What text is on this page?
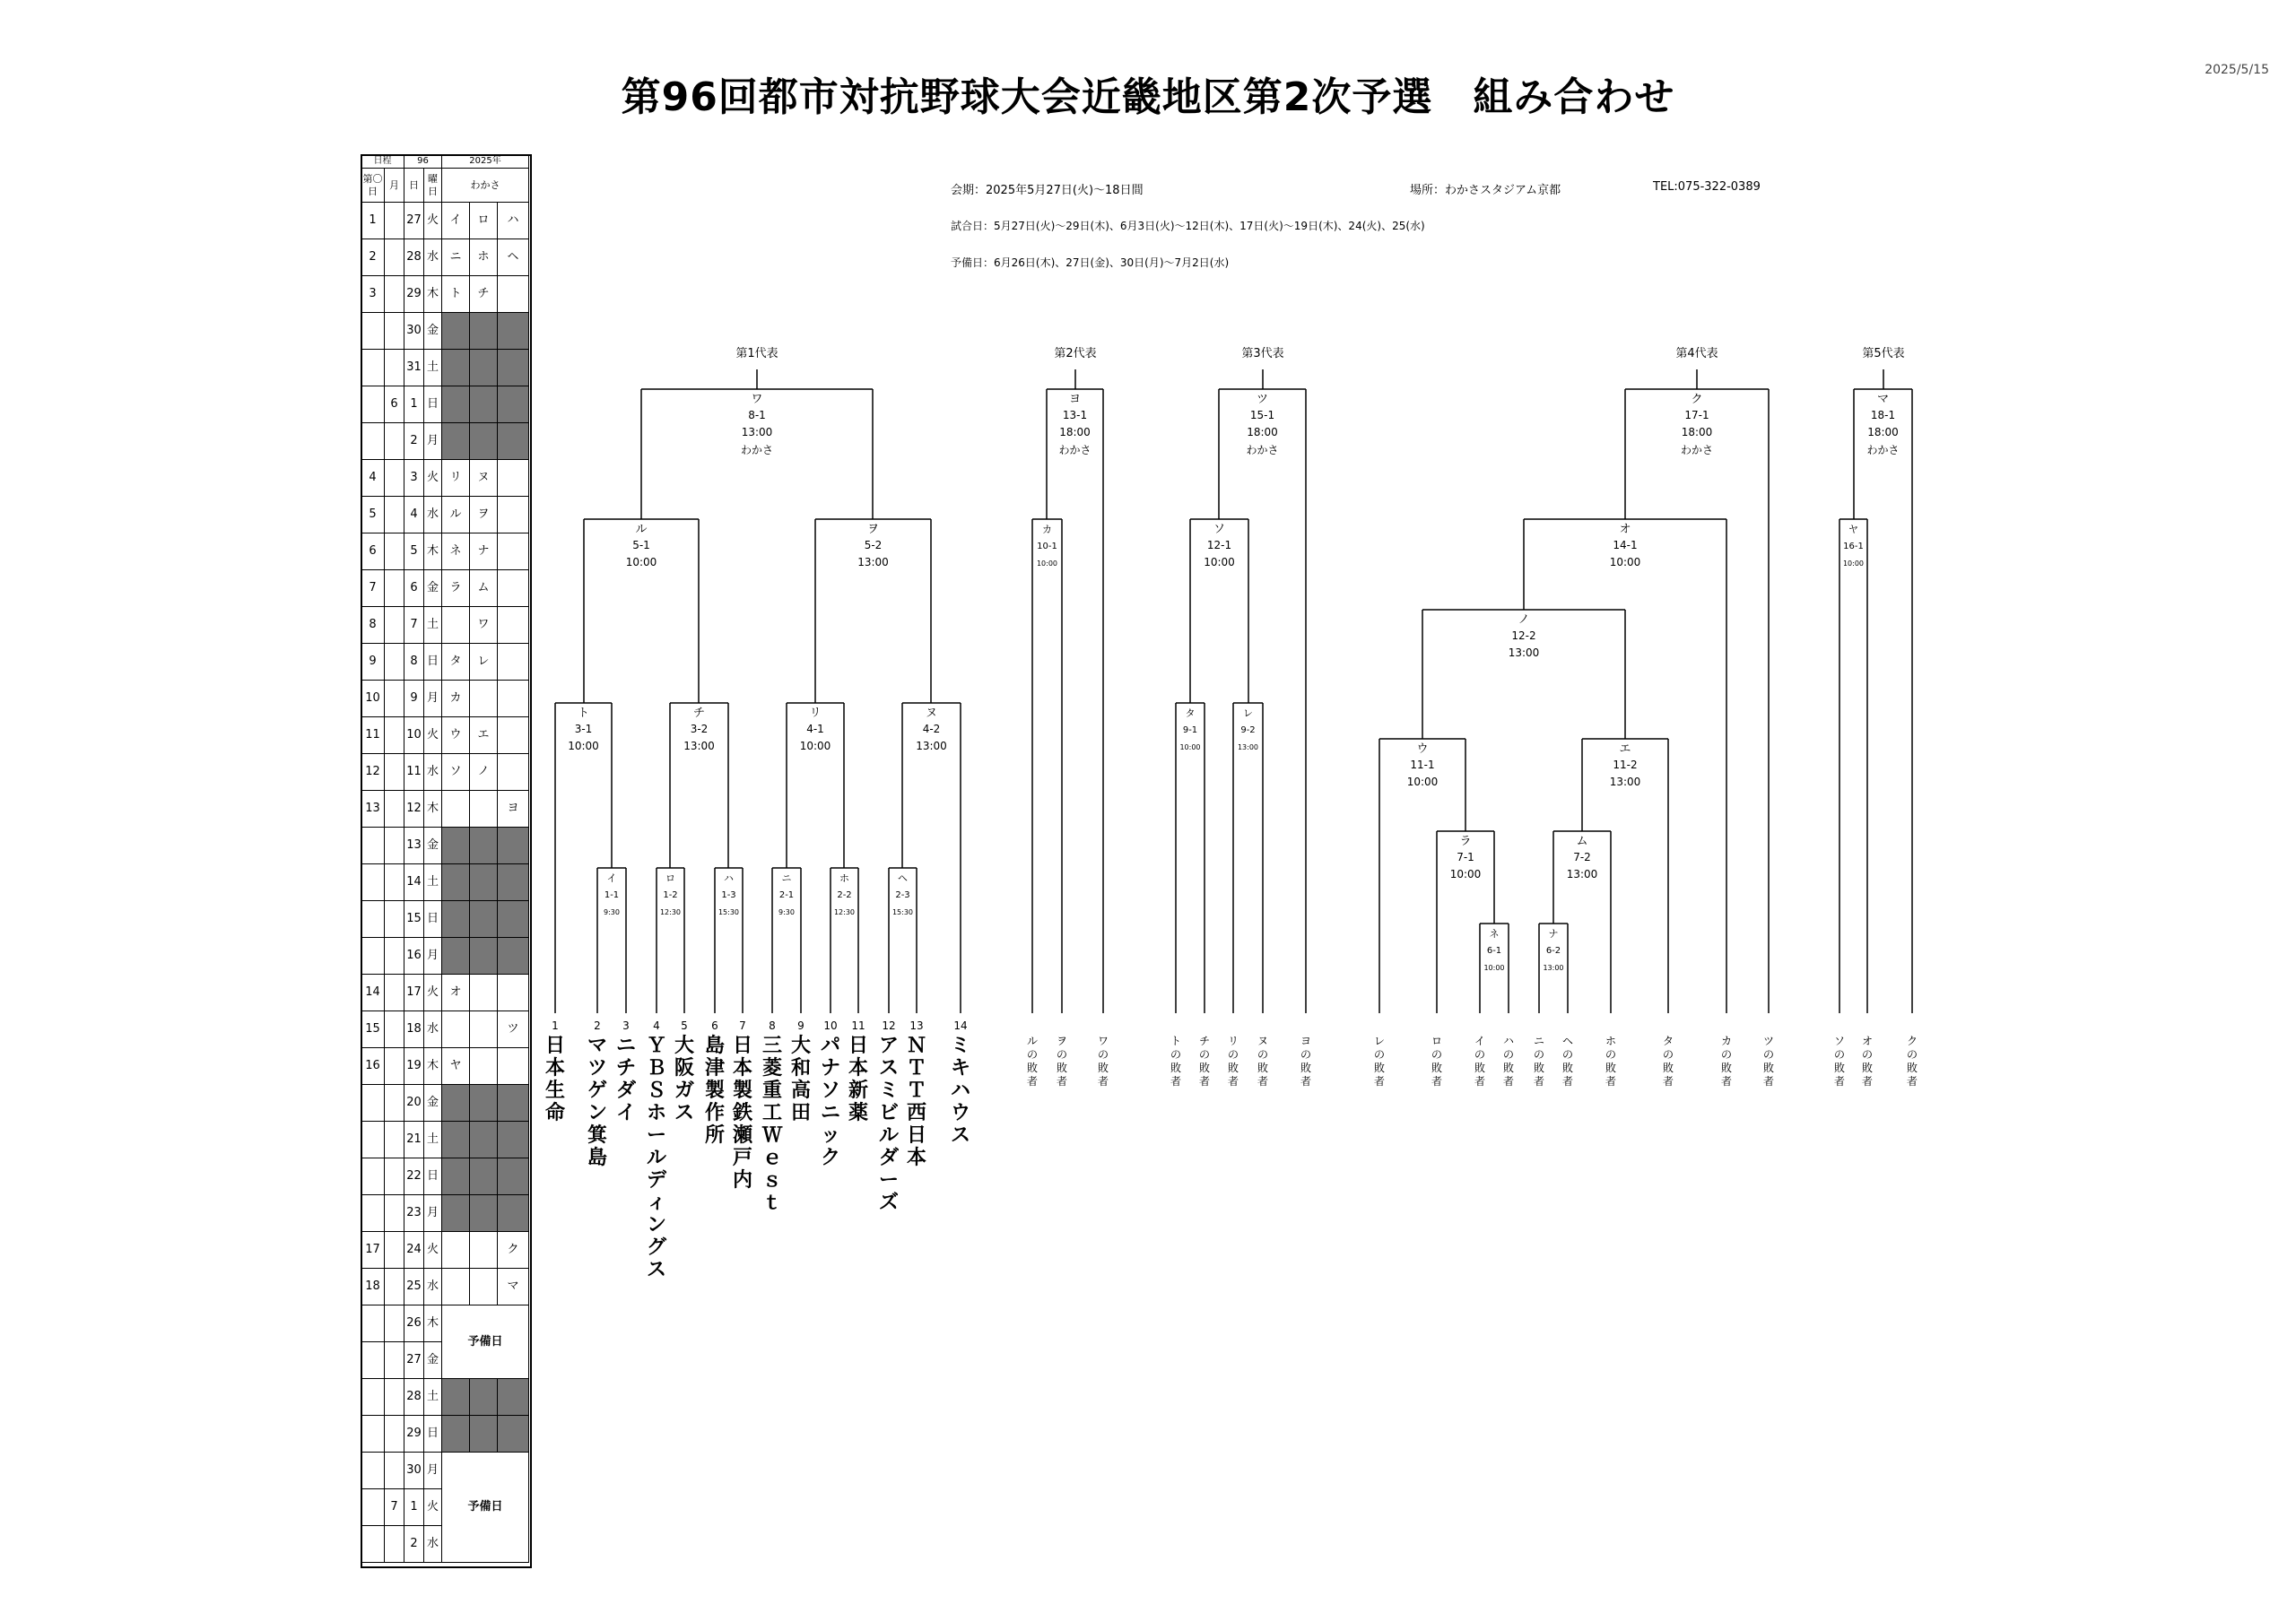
第96回都市対抗野球大会近畿地区第2次予選　組み合わせ
2025/5/15
会期：2025年5月27日(火)～18日間	場所：わかさスタジアム京都	TEL:075-322-0389
試合日：5月27日(火)～29日(木)、6月3日(火)～12日(木)、17日(火)～19日(木)、24(火)、25(水)
予備日：6月26日(木)、27日(金)、30日(月)～7月2日(水)
日程		96		2025年		
第〇日	月	日	曜日	わかさ		
1		27	火	イ	ロ	ハ
2		28	水	ニ	ホ	ヘ
3		29	木	ト	チ	
		30	金			
		31	土			
	6	1	日			
		2	月			
4		3	火	リ	ヌ	
5		4	水	ル	ヲ	
6		5	木	ネ	ナ	
7		6	金	ラ	ム	
8		7	土		ワ	
9		8	日	タ	レ	
10		9	月	カ		
11		10	火	ウ	エ	
12		11	水	ソ	ノ	
13		12	木			ヨ
		13	金			
		14	土			
		15	日			
		16	月			
14		17	火	オ		
15		18	水			ツ
16		19	木	ヤ		
		20	金			
		21	土			
		22	日			
		23	月			
17		24	火			ク
18		25	水			マ
		26	木	予備日		
		27	金			
		28	土			
		29	日			
		30	月	予備日		
	7	1	火			
		2	水			
イ
1-1
9:30
ロ
1-2
12:30
ハ
1-3
15:30
ニ
2-1
9:30
ホ
2-2
12:30
ヘ
2-3
15:30
ト
3-1
10:00
チ
3-2
13:00
リ
4-1
10:00
ヌ
4-2
13:00
ル
5-1
10:00
ヲ
5-2
13:00
ワ
8-1
13:00
わかさ
カ
10-1
10:00
ヨ
13-1
18:00
わかさ
タ
9-1
10:00
レ
9-2
13:00
ソ
12-1
10:00
ツ
15-1
18:00
わかさ
ネ
6-1
10:00
ナ
6-2
13:00
ラ
7-1
10:00
ム
7-2
13:00
ウ
11-1
10:00
エ
11-2
13:00
ノ
12-2
13:00
オ
14-1
10:00
ク
17-1
18:00
わかさ
ヤ
16-1
10:00
マ
18-1
18:00
わかさ
第1代表	第2代表	第3代表	第4代表	第5代表
1	2 3 4 5 6 7 8 9 10 11 12 13	14
日本生命
マツゲン箕島
ニチダイ
ＹＢＳホールディングス
大阪ガス
島津製作所
日本製鉄瀬戸内
三菱重工Ｗｅｓｔ
大和高田
パナソニック
日本新薬
アスミビルダーズ
ＮＴＴ西日本
ミキハウス
ルの敗者
ヲの敗者
ワの敗者
トの敗者
チの敗者
リの敗者
ヌの敗者
ヨの敗者
レの敗者
ロの敗者
イの敗者
ハの敗者
ニの敗者
ヘの敗者
ホの敗者
タの敗者
カの敗者
ツの敗者
ソの敗者
オの敗者
クの敗者
